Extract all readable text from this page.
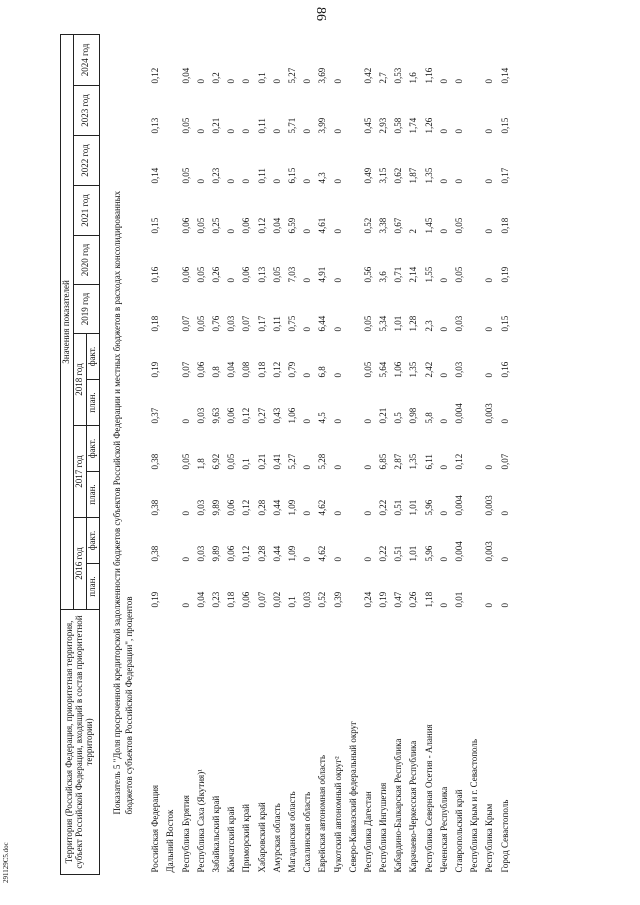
86
Территория (Российская Федерация, приоритетная территория, субъект Российской Федерации, входящий в состав приоритетной территории)	Значения показателей											
	2016 год		2017 год		2018 год		2019 год	2020 год	2021 год	2022 год	2023 год	2024 год
	план.	факт.	план.	факт.	план.	факт.						
Показатель 5 "Доля просроченной кредиторской задолженности бюджетов субъектов Российской Федерации и местных бюджетов в расходах консолидированных бюджетов субъектов Российской Федерации", процентов												
Российская Федерация	0,19	0,38	0,38	0,38	0,37	0,19	0,18	0,16	0,15	0,14	0,13	0,12
Дальний Восток												
Республика Бурятия	0	0	0	0,05	0	0,07	0,07	0,06	0,06	0,05	0,05	0,04
Республика Саха (Якутия)¹	0,04	0,03	0,03	1,8	0,03	0,06	0,05	0,05	0,05	0	0	0
Забайкальский край	0,23	9,89	9,89	6,92	9,63	0,8	0,76	0,26	0,25	0,23	0,21	0,2
Камчатский край	0,18	0,06	0,06	0,05	0,06	0,04	0,03	0	0	0	0	0
Приморский край	0,06	0,12	0,12	0,1	0,12	0,08	0,07	0,06	0,06	0	0	0
Хабаровский край	0,07	0,28	0,28	0,21	0,27	0,18	0,17	0,13	0,12	0,11	0,11	0,1
Амурская область	0,02	0,44	0,44	0,41	0,43	0,12	0,11	0,05	0,04	0	0	0
Магаданская область	0,1	1,09	1,09	5,27	1,06	0,79	0,75	7,03	6,59	6,15	5,71	5,27
Сахалинская область	0,03	0	0	0	0	0	0	0	0	0	0	0
Еврейская автономная область	0,52	4,62	4,62	5,28	4,5	6,8	6,44	4,91	4,61	4,3	3,99	3,69
Чукотский автономный округ²	0,39	0	0	0	0	0	0	0	0	0	0	0
Северо-Кавказский федеральный округ												
Республика Дагестан	0,24	0	0	0	0	0,05	0,05	0,56	0,52	0,49	0,45	0,42
Республика Ингушетия	0,19	0,22	0,22	6,85	0,21	5,64	5,34	3,6	3,38	3,15	2,93	2,7
Кабардино-Балкарская Республика	0,47	0,51	0,51	2,87	0,5	1,06	1,01	0,71	0,67	0,62	0,58	0,53
Карачаево-Черкесская Республика	0,26	1,01	1,01	1,35	0,98	1,35	1,28	2,14	2	1,87	1,74	1,6
Республика Северная Осетия - Алания	1,18	5,96	5,96	6,11	5,8	2,42	2,3	1,55	1,45	1,35	1,26	1,16
Чеченская Республика	0	0	0	0	0	0	0	0	0	0	0	0
Ставропольский край	0,01	0,004	0,004	0,12	0,004	0,03	0,03	0,05	0,05	0	0	0
Республика Крым и г. Севастополь												
Республика Крым	0	0,003	0,003	0	0,003	0	0	0	0	0	0	0
Город Севастополь	0	0	0	0,07	0	0,16	0,15	0,19	0,18	0,17	0,15	0,14
291129C5.doc
